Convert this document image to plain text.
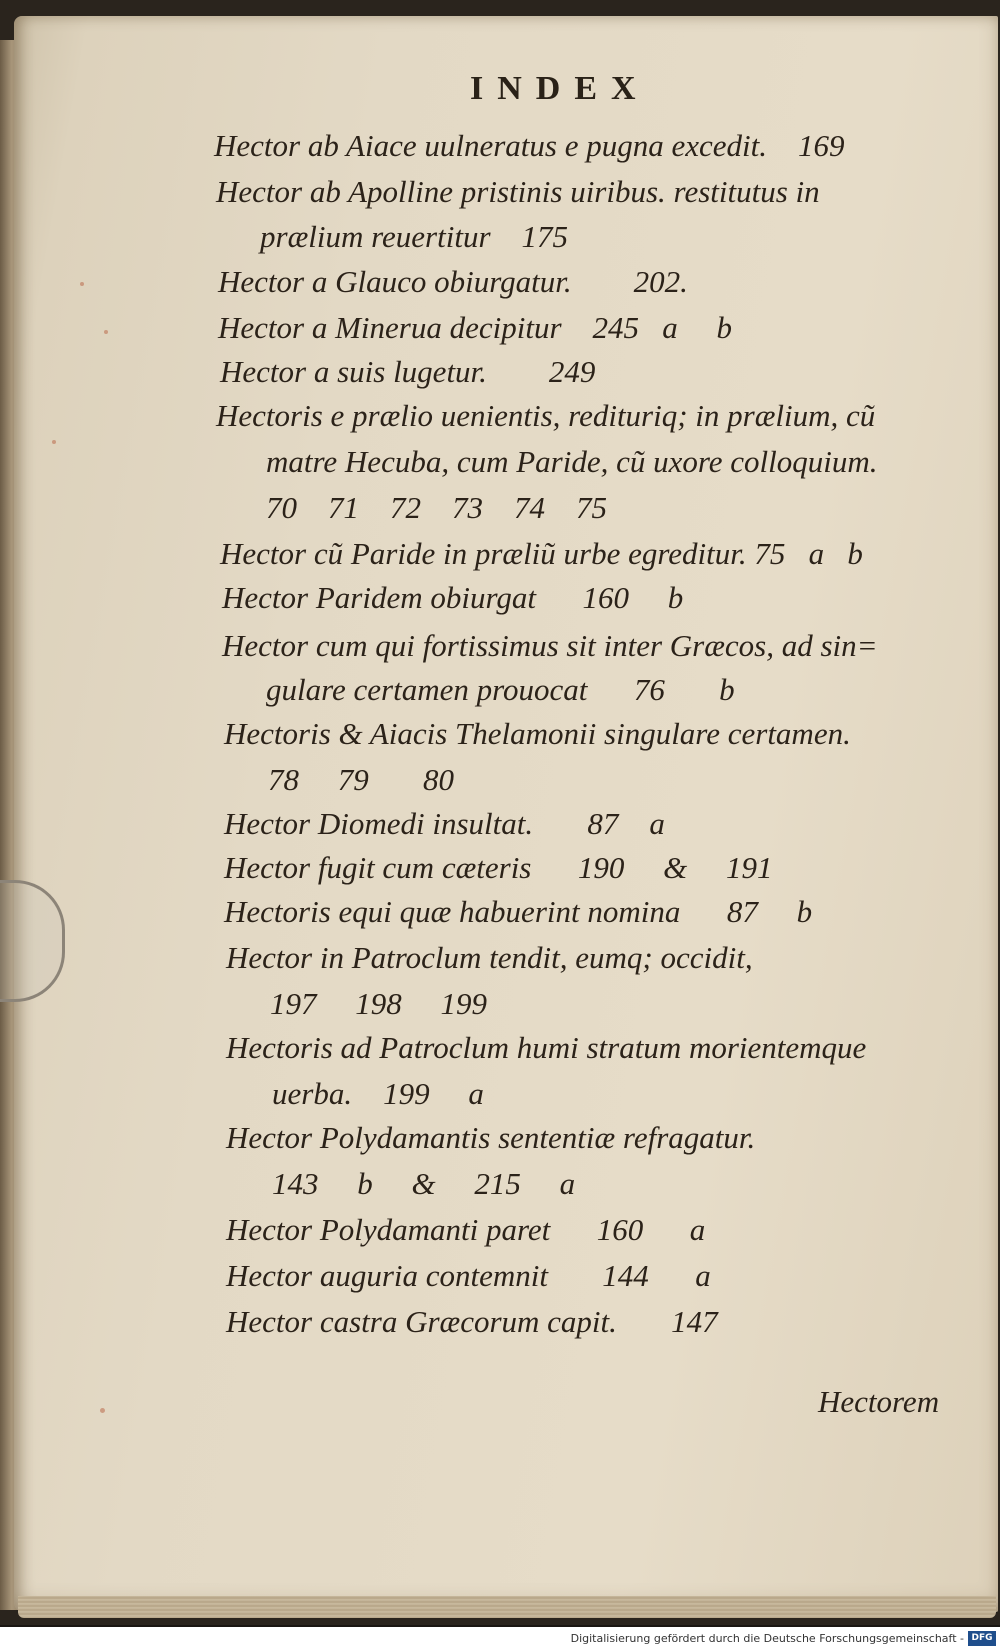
INDEX
Hector ab Aiace uulneratus e pugna excedit.    169
Hector ab Apolline pristinis uiribus. restitutus in
prælium reuertitur    175
Hector a Glauco obiurgatur.        202.
Hector a Minerua decipitur    245   a     b
Hector a suis lugetur.        249
Hectoris e prælio uenientis, redituriq; in prælium, cũ
matre Hecuba, cum Paride, cũ uxore colloquium.
70    71    72    73    74    75
Hector cũ Paride in præliũ urbe egreditur. 75   a   b
Hector Paridem obiurgat      160     b
Hector cum qui fortissimus sit inter Græcos, ad sin=
gulare certamen prouocat      76       b
Hectoris & Aiacis Thelamonii singulare certamen.
78     79       80
Hector Diomedi insultat.       87    a
Hector fugit cum cæteris      190     &     191
Hectoris equi quæ habuerint nomina      87     b
Hector in Patroclum tendit, eumq; occidit,
197     198     199
Hectoris ad Patroclum humi stratum morientemque
uerba.    199     a
Hector Polydamantis sententiæ refragatur.
143     b     &     215     a
Hector Polydamanti paret      160      a
Hector auguria contemnit       144      a
Hector castra Græcorum capit.       147
Hectorem
Digitalisierung gefördert durch die Deutsche Forschungsgemeinschaft - DFG
